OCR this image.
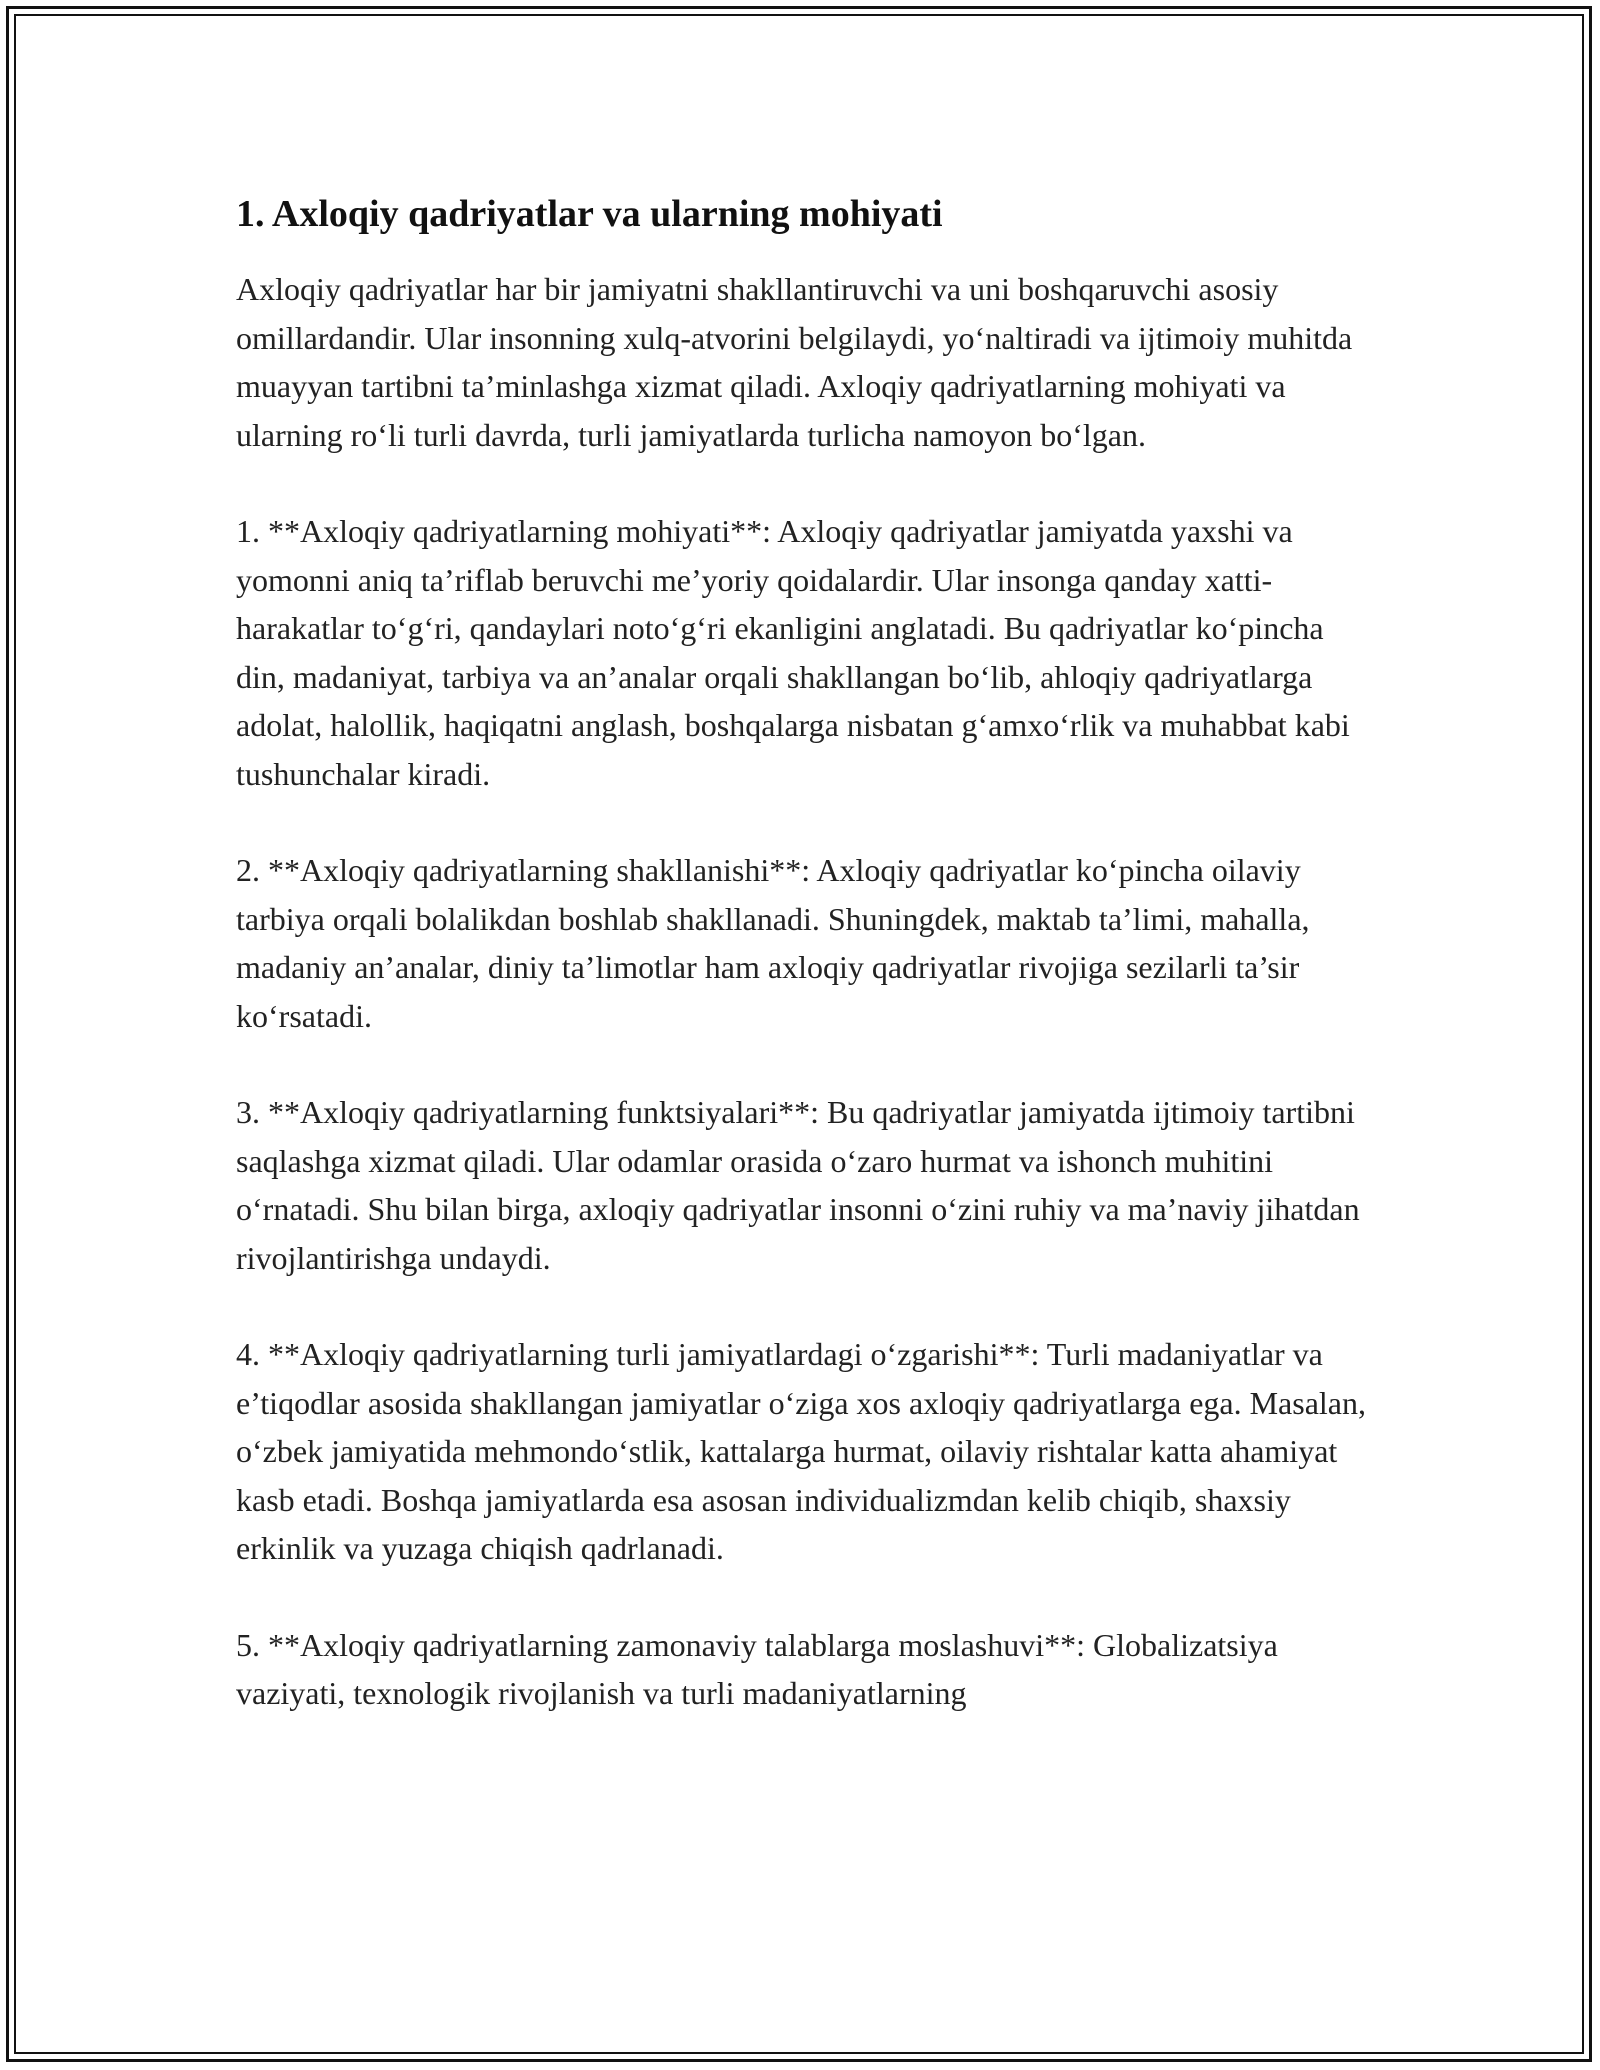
1. Axloqiy qadriyatlar va ularning mohiyati

Axloqiy qadriyatlar har bir jamiyatni shakllantiruvchi va uni boshqaruvchi asosiy omillardandir. Ular insonning xulq-atvorini belgilaydi, yo‘naltiradi va ijtimoiy muhitda muayyan tartibni ta’minlashga xizmat qiladi. Axloqiy qadriyatlarning mohiyati va ularning ro‘li turli davrda, turli jamiyatlarda turlicha namoyon bo‘lgan.

1. **Axloqiy qadriyatlarning mohiyati**: Axloqiy qadriyatlar jamiyatda yaxshi va yomonni aniq ta’riflab beruvchi me’yoriy qoidalardir. Ular insonga qanday xatti-harakatlar to‘g‘ri, qandaylari noto‘g‘ri ekanligini anglatadi. Bu qadriyatlar ko‘pincha din, madaniyat, tarbiya va an’analar orqali shakllangan bo‘lib, ahloqiy qadriyatlarga adolat, halollik, haqiqatni anglash, boshqalarga nisbatan g‘amxo‘rlik va muhabbat kabi tushunchalar kiradi.

2. **Axloqiy qadriyatlarning shakllanishi**: Axloqiy qadriyatlar ko‘pincha oilaviy tarbiya orqali bolalikdan boshlab shakllanadi. Shuningdek, maktab ta’limi, mahalla, madaniy an’analar, diniy ta’limotlar ham axloqiy qadriyatlar rivojiga sezilarli ta’sir ko‘rsatadi.

3. **Axloqiy qadriyatlarning funktsiyalari**: Bu qadriyatlar jamiyatda ijtimoiy tartibni saqlashga xizmat qiladi. Ular odamlar orasida o‘zaro hurmat va ishonch muhitini o‘rnatadi. Shu bilan birga, axloqiy qadriyatlar insonni o‘zini ruhiy va ma’naviy jihatdan rivojlantirishga undaydi.

4. **Axloqiy qadriyatlarning turli jamiyatlardagi o‘zgarishi**: Turli madaniyatlar va e’tiqodlar asosida shakllangan jamiyatlar o‘ziga xos axloqiy qadriyatlarga ega. Masalan, o‘zbek jamiyatida mehmondo‘stlik, kattalarga hurmat, oilaviy rishtalar katta ahamiyat kasb etadi. Boshqa jamiyatlarda esa asosan individualizmdan kelib chiqib, shaxsiy erkinlik va yuzaga chiqish qadrlanadi.

5. **Axloqiy qadriyatlarning zamonaviy talablarga moslashuvi**: Globalizatsiya vaziyati, texnologik rivojlanish va turli madaniyatlarning
